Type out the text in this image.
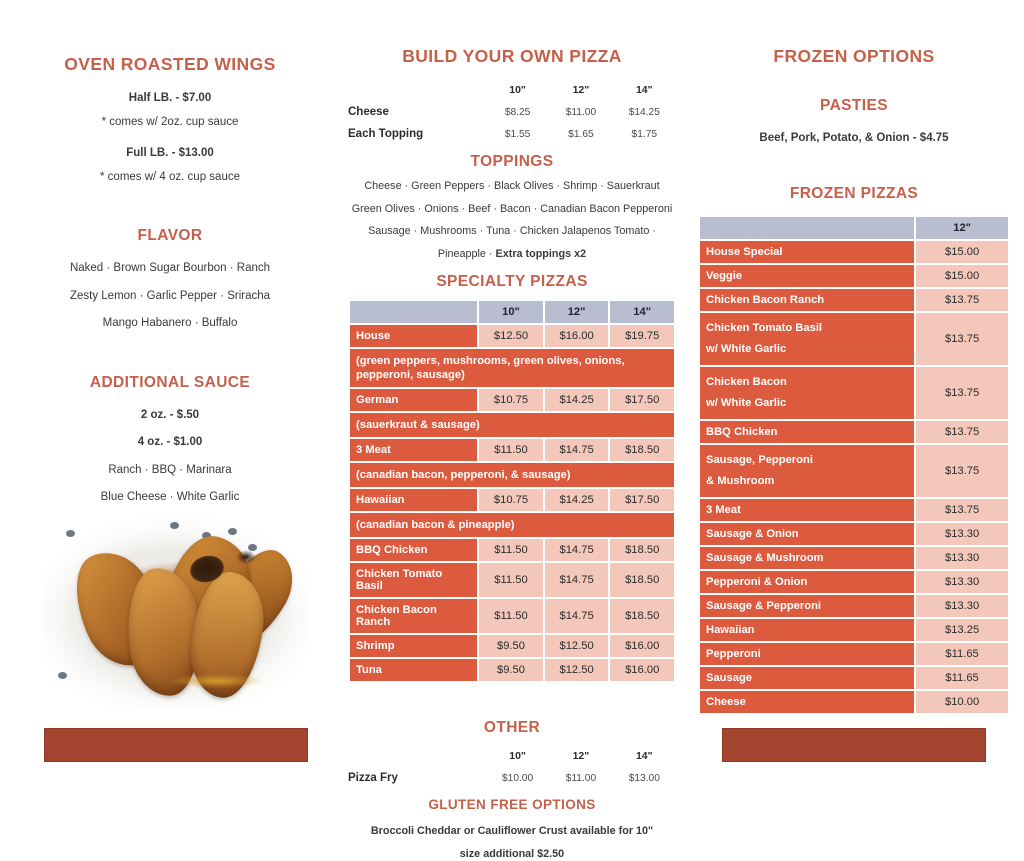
OVEN ROASTED WINGS

Half LB. - $7.00

* comes w/ 2oz. cup sauce

Full LB. - $13.00

* comes w/ 4 oz. cup sauce

FLAVOR

Naked · Brown Sugar Bourbon · Ranch

Zesty Lemon · Garlic Pepper · Sriracha

Mango Habanero · Buffalo

ADDITIONAL SAUCE

2 oz. - $.50

4 oz. - $1.00

Ranch · BBQ · Marinara

Blue Cheese · White Garlic

BUILD YOUR OWN PIZZA
	10"	12"	14"
Cheese	$8.25	$11.00	$14.25
Each Topping	$1.55	$1.65	$1.75
TOPPINGS

Cheese · Green Peppers · Black Olives · Shrimp · Sauerkraut

Green Olives · Onions · Beef · Bacon · Canadian Bacon Pepperoni

Sausage · Mushrooms · Tuna · Chicken Jalapenos Tomato ·

Pineapple · Extra toppings x2

SPECIALTY PIZZAS
	10"	12"	14"
House	$12.50	$16.00	$19.75
(green peppers, mushrooms, green olives, onions, pepperoni, sausage)			
German	$10.75	$14.25	$17.50
(sauerkraut & sausage)			
3 Meat	$11.50	$14.75	$18.50
(canadian bacon, pepperoni, & sausage)			
Hawaiian	$10.75	$14.25	$17.50
(canadian bacon & pineapple)			
BBQ Chicken	$11.50	$14.75	$18.50
Chicken Tomato Basil	$11.50	$14.75	$18.50
Chicken Bacon Ranch	$11.50	$14.75	$18.50
Shrimp	$9.50	$12.50	$16.00
Tuna	$9.50	$12.50	$16.00
OTHER
	10"	12"	14"
Pizza Fry	$10.00	$11.00	$13.00
GLUTEN FREE OPTIONS

Broccoli Cheddar or Cauliflower Crust available for 10"

size additional $2.50

FROZEN OPTIONS
PASTIES

Beef, Pork, Potato, & Onion - $4.75

FROZEN PIZZAS
	12"
House Special	$15.00
Veggie	$15.00
Chicken Bacon Ranch	$13.75

Chicken Tomato Basil
w/ White Garlic	$13.75

Chicken Bacon
w/ White Garlic	$13.75
BBQ Chicken	$13.75

Sausage, Pepperoni
& Mushroom	$13.75
3 Meat	$13.75
Sausage & Onion	$13.30
Sausage & Mushroom	$13.30
Pepperoni & Onion	$13.30
Sausage & Pepperoni	$13.30
Hawaiian	$13.25
Pepperoni	$11.65
Sausage	$11.65
Cheese	$10.00
